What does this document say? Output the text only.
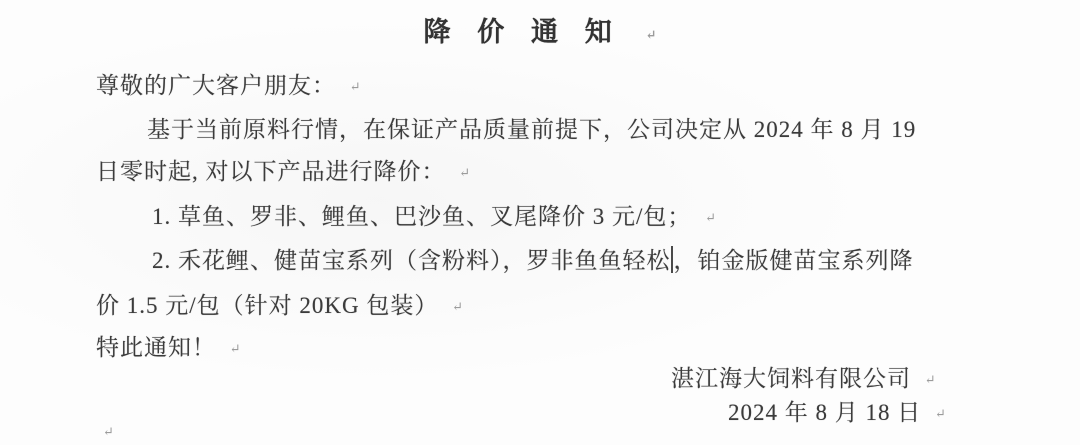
降 价 通 知 ↵
尊敬的广大客户朋友： ↵
基于当前原料行情，在保证产品质量前提下，公司决定从 2024 年 8 月 19
日零时起, 对以下产品进行降价： ↵
1. 草鱼、罗非、鲤鱼、巴沙鱼、叉尾降价 3 元/包； ↵
2. 禾花鲤、健苗宝系列（含粉料），罗非鱼鱼轻松 ，铂金版健苗宝系列降
价 1.5 元/包（针对 20KG 包装） ↵
特此通知！ ↵
湛江海大饲料有限公司 ↵
2024 年 8 月 18 日 ↵
↵
